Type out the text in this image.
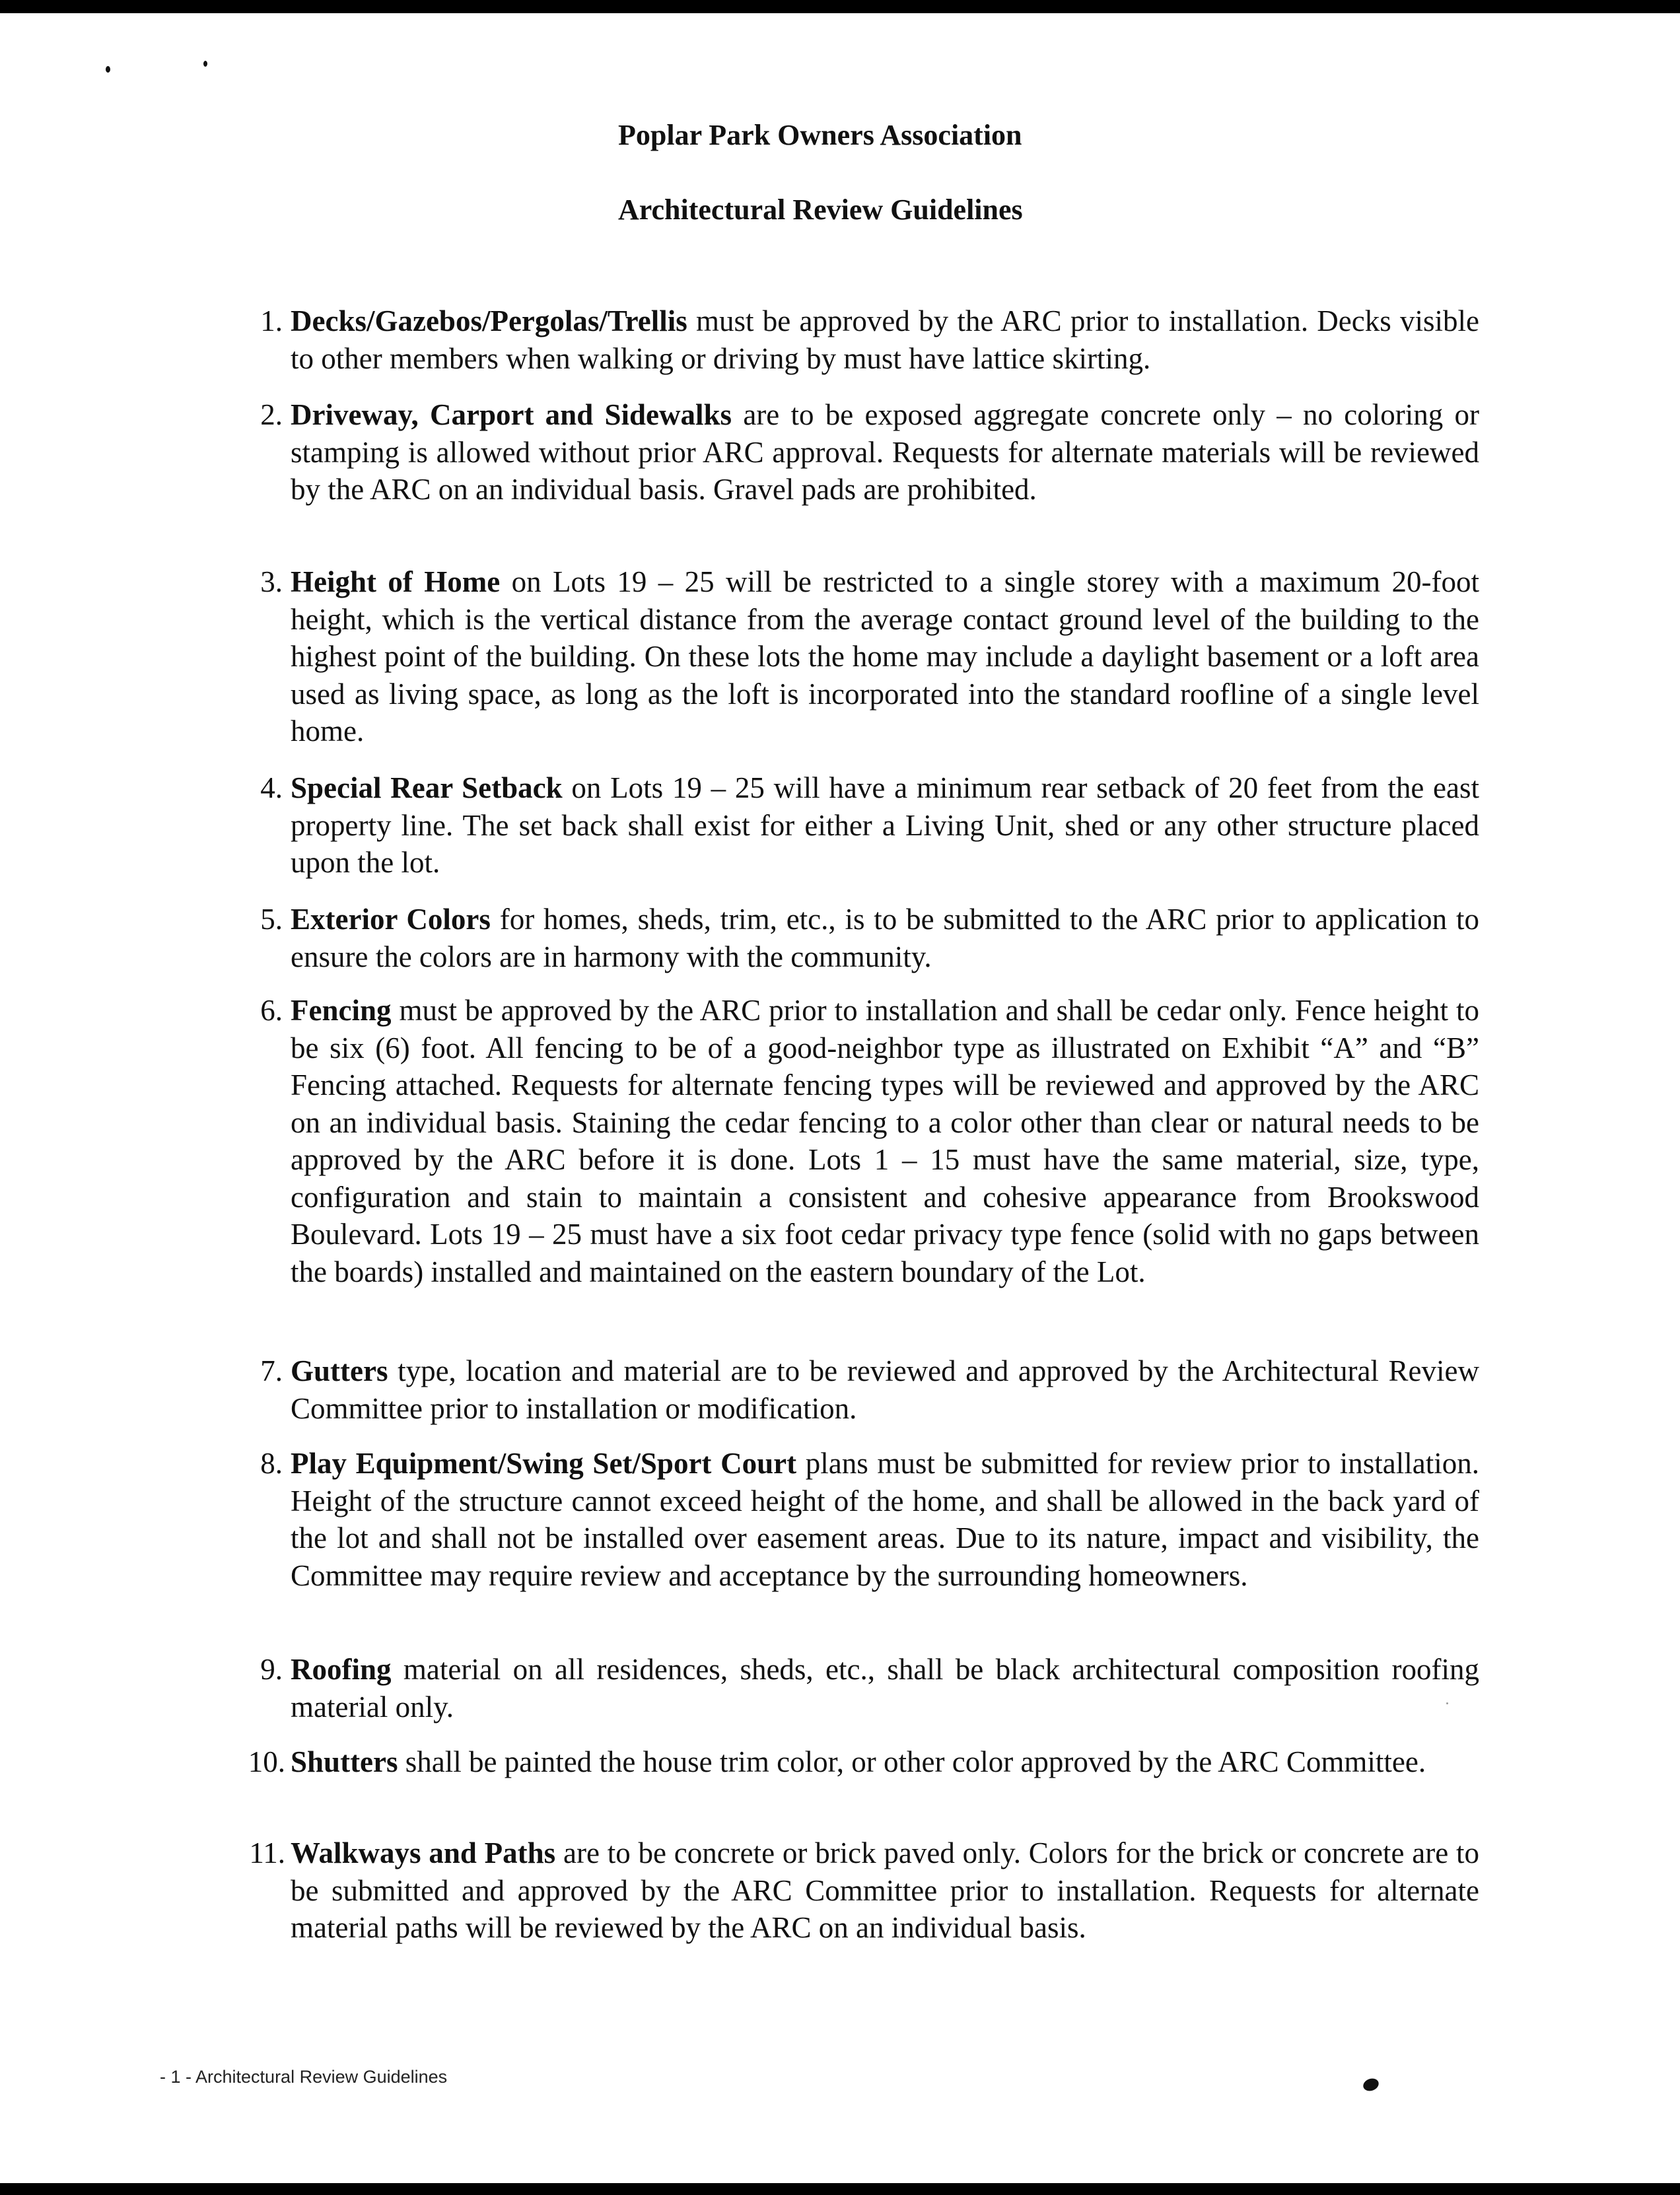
Poplar Park Owners Association
Architectural Review Guidelines
1. Decks/Gazebos/Pergolas/Trellis must be approved by the ARC prior to installation. Decks visible to other members when walking or driving by must have lattice skirting.
2. Driveway, Carport and Sidewalks are to be exposed aggregate concrete only – no coloring or stamping is allowed without prior ARC approval. Requests for alternate materials will be reviewed by the ARC on an individual basis. Gravel pads are prohibited.
3. Height of Home on Lots 19 – 25 will be restricted to a single storey with a maximum 20-foot height, which is the vertical distance from the average contact ground level of the building to the highest point of the building. On these lots the home may include a daylight basement or a loft area used as living space, as long as the loft is incorporated into the standard roofline of a single level home.
4. Special Rear Setback on Lots 19 – 25 will have a minimum rear setback of 20 feet from the east property line. The set back shall exist for either a Living Unit, shed or any other structure placed upon the lot.
5. Exterior Colors for homes, sheds, trim, etc., is to be submitted to the ARC prior to application to ensure the colors are in harmony with the community.
6. Fencing must be approved by the ARC prior to installation and shall be cedar only. Fence height to be six (6) foot. All fencing to be of a good-neighbor type as illustrated on Exhibit “A” and “B” Fencing attached. Requests for alternate fencing types will be reviewed and approved by the ARC on an individual basis. Staining the cedar fencing to a color other than clear or natural needs to be approved by the ARC before it is done. Lots 1 – 15 must have the same material, size, type, configuration and stain to maintain a consistent and cohesive appearance from Brookswood Boulevard. Lots 19 – 25 must have a six foot cedar privacy type fence (solid with no gaps between the boards) installed and maintained on the eastern boundary of the Lot.
7. Gutters type, location and material are to be reviewed and approved by the Architectural Review Committee prior to installation or modification.
8. Play Equipment/Swing Set/Sport Court plans must be submitted for review prior to installation. Height of the structure cannot exceed height of the home, and shall be allowed in the back yard of the lot and shall not be installed over easement areas. Due to its nature, impact and visibility, the Committee may require review and acceptance by the surrounding homeowners.
9. Roofing material on all residences, sheds, etc., shall be black architectural composition roofing material only.
10. Shutters shall be painted the house trim color, or other color approved by the ARC Committee.
11. Walkways and Paths are to be concrete or brick paved only. Colors for the brick or concrete are to be submitted and approved by the ARC Committee prior to installation. Requests for alternate material paths will be reviewed by the ARC on an individual basis.
- 1 - Architectural Review Guidelines
